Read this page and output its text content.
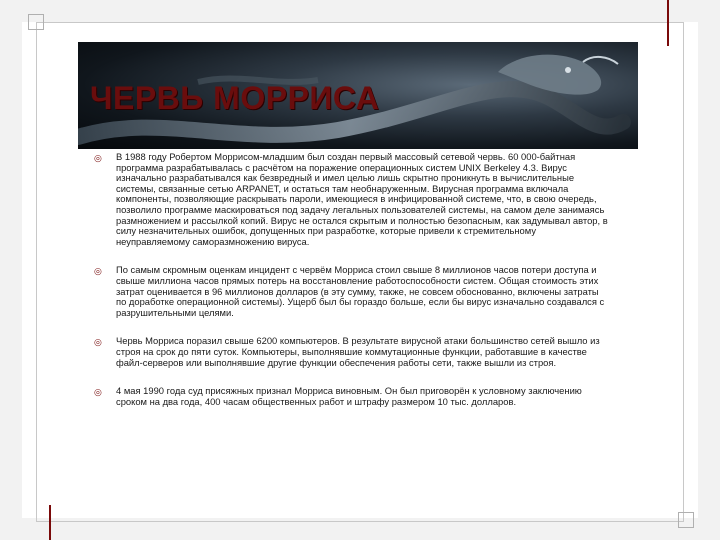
ЧЕРВЬ МОРРИСА
◎ В 1988 году Робертом Моррисом-младшим был создан первый массовый сетевой червь. 60 000-байтная программа разрабатывалась с расчётом на поражение операционных систем UNIX Berkeley 4.3. Вирус изначально разрабатывался как безвредный и имел целью лишь скрытно проникнуть в вычислительные системы, связанные сетью ARPANET, и остаться там необнаруженным. Вирусная программа включала компоненты, позволяющие раскрывать пароли, имеющиеся в инфицированной системе, что, в свою очередь, позволило программе маскироваться под задачу легальных пользователей системы, на самом деле занимаясь размножением и рассылкой копий. Вирус не остался скрытым и полностью безопасным, как задумывал автор, в силу незначительных ошибок, допущенных при разработке, которые привели к стремительному неуправляемому саморазмножению вируса.

◎ По самым скромным оценкам инцидент с червём Морриса стоил свыше 8 миллионов часов потери доступа и свыше миллиона часов прямых потерь на восстановление работоспособности систем. Общая стоимость этих затрат оценивается в 96 миллионов долларов (в эту сумму, также, не совсем обоснованно, включены затраты по доработке операционной системы). Ущерб был бы гораздо больше, если бы вирус изначально создавался с разрушительными целями.

◎ Червь Морриса поразил свыше 6200 компьютеров. В результате вирусной атаки большинство сетей вышло из строя на срок до пяти суток. Компьютеры, выполнявшие коммутационные функции, работавшие в качестве файл-серверов или выполнявшие другие функции обеспечения работы сети, также вышли из строя.

◎ 4 мая 1990 года суд присяжных признал Морриса виновным. Он был приговорён к условному заключению сроком на два года, 400 часам общественных работ и штрафу размером 10 тыс. долларов.
